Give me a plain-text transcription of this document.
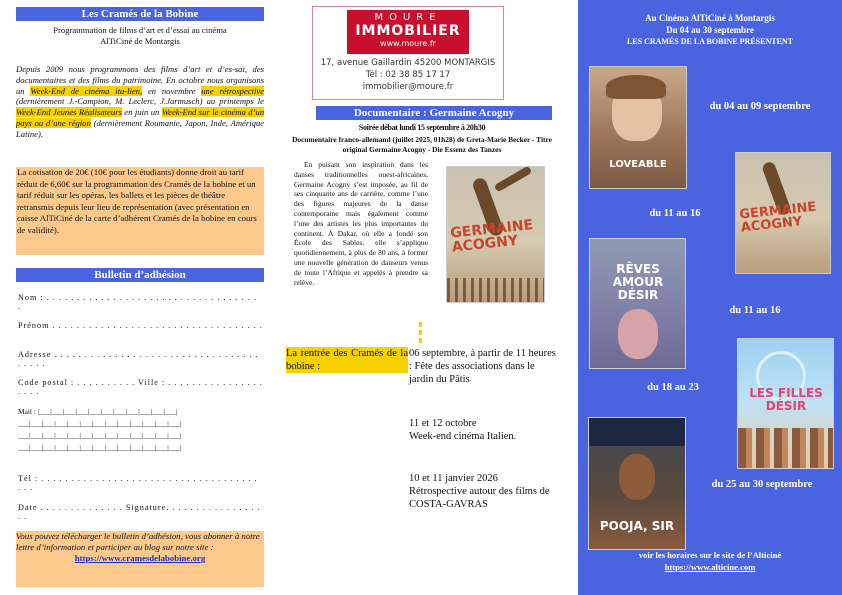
Les Cramés de la Bobine
Programmation de films d’art et d’essai au cinéma
AlTiCiné de Montargis
Depuis 2009 nous programmons des films d’art et d’es-sai, des documentaires et des films du patrimoine. En octobre nous organisons un Week-End de cinéma ita-lien, en novembre une rétrospective (dernièrement J.-Campion, M. Leclerc, J.Jarmusch) au printemps le Week-End Jeunes Réalisateurs en juin un Week-End sur le cinéma d’un pays ou d’une région (dernièrement Roumanie, Japon, Inde, Amérique Latine).
La cotisation de 20€ (10€ pour les étudiants) donne droit au tarif réduit de 6,60€ sur la programmation des Cramés de la bobine et un tarif réduit sur les opéras, les ballets et les pièces de théâtre retransmis depuis leur lieu de représentation (avec présentation en caisse AlTiCiné de la carte d’adhérent Cramés de la bobine en cours de validité).
Bulletin d’adhésion
Nom : . . . . . . . . . . . . . . . . . . . . . . . . . . . . . . . . . . . .
Prénom . . . . . . . . . . . . . . . . . . . . . . . . . . . . . . . . . . .
Adresse . . . . . . . . . . . . . . . . . . . . . . . . . . . . . . . . . . . . . . .
Code postal : . . . . . . . . . . Ville : . . . . . . . . . . . . . . . . . . . .
Mail : |___|___|___|___|___|___|___|___|___|___|___|
___|___|___|___|___|___|___|___|___|___|___|___|___|
___|___|___|___|___|___|___|___|___|___|___|___|___|
___|___|___|___|___|___|___|___|___|___|___|___|___|
Tél : . . . . . . . . . . . . . . . . . . . . . . . . . . . . . . . . . . . . . . .
Date . . . . . . . . . . . . . . Signature. . . . . . . . . . . . . . . . . .
Vous pouvez télécharger le bulletin d’adhésion, vous abonner à notre lettre d’information et participer au blog sur notre site :
https://www.cramesdelabobine.org
MOURE
IMMOBILIER
www.moure.fr
17, avenue Gaillardin 45200 MONTARGIS
Tél : 02 38 85 17 17
immobilier@moure.fr
Documentaire : Germaine Acogny
Soirée débat lundi 15 septembre à 20h30
Documentaire franco-allemand (juillet 2025, 01h28) de Greta-Marie Becker - Titre original Germaine Acogny - Die Essenz des Tanzes
En puisant son inspiration dans les danses traditionnelles ouest-africaines, Germaine Acogny s’est imposée, au fil de ses cinquante ans de carrière, comme l’une des figures majeures de la danse contemporaine mais également comme l’une des artistes les plus importantes du continent. À Dakar, où elle a fondé son École des Sables, elle s’applique quotidiennement, à plus de 80 ans, à former une nouvelle génération de danseurs venus de toute l’Afrique et appelés à prendre sa relève.
GERMAINE ACOGNY
La rentrée des Cramés de la bobine :
06 septembre, à partir de 11 heures : Fête des associations dans le jardin du Pâtis
11 et 12 octobre
Week-end cinéma Italien.
10 et 11 janvier 2026
Rétrospective autour des films de COSTA-GAVRAS
Au Cinéma AlTiCiné à Montargis
Du 04 au 30 septembre
LES CRAMÉS DE LA BOBINE PRÉSENTENT
LOVEABLE
du 04 au 09 septembre
du 11 au 16	GERMAINE ACOGNY
RÊVES AMOUR DÉSIR
du 11 au 16
LES FILLES DÉSIR
du 18 au 23
POOJA, SIR
du 25 au 30 septembre
voir les horaires sur le site de l’Alticiné
https://www.alticine.com
